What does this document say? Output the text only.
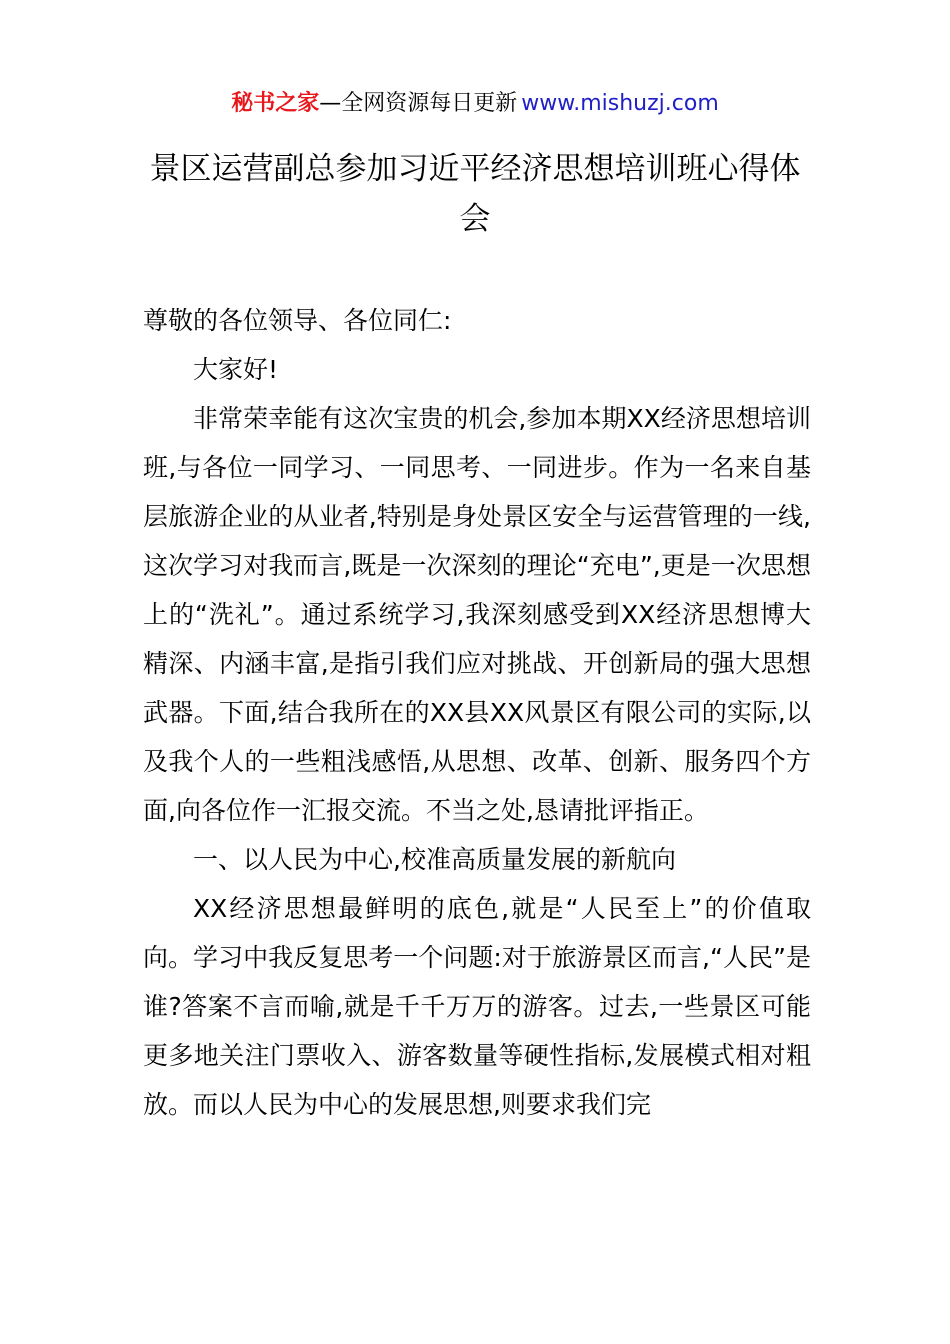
秘书之家—全网资源每日更新 www.mishuzj.com
景区运营副总参加习近平经济思想培训班心得体会

尊敬的各位领导、各位同仁:

大家好!

非常荣幸能有这次宝贵的机会,参加本期XX经济思想培训班,与各位一同学习、一同思考、一同进步。作为一名来自基层旅游企业的从业者,特别是身处景区安全与运营管理的一线,这次学习对我而言,既是一次深刻的理论“充电”,更是一次思想上的“洗礼”。通过系统学习,我深刻感受到XX经济思想博大精深、内涵丰富,是指引我们应对挑战、开创新局的强大思想武器。下面,结合我所在的XX县XX风景区有限公司的实际,以及我个人的一些粗浅感悟,从思想、改革、创新、服务四个方面,向各位作一汇报交流。不当之处,恳请批评指正。

一、以人民为中心,校准高质量发展的新航向

XX经济思想最鲜明的底色,就是“人民至上”的价值取向。学习中我反复思考一个问题:对于旅游景区而言,“人民”是谁?答案不言而喻,就是千千万万的游客。过去,一些景区可能更多地关注门票收入、游客数量等硬性指标,发展模式相对粗放。而以人民为中心的发展思想,则要求我们完
